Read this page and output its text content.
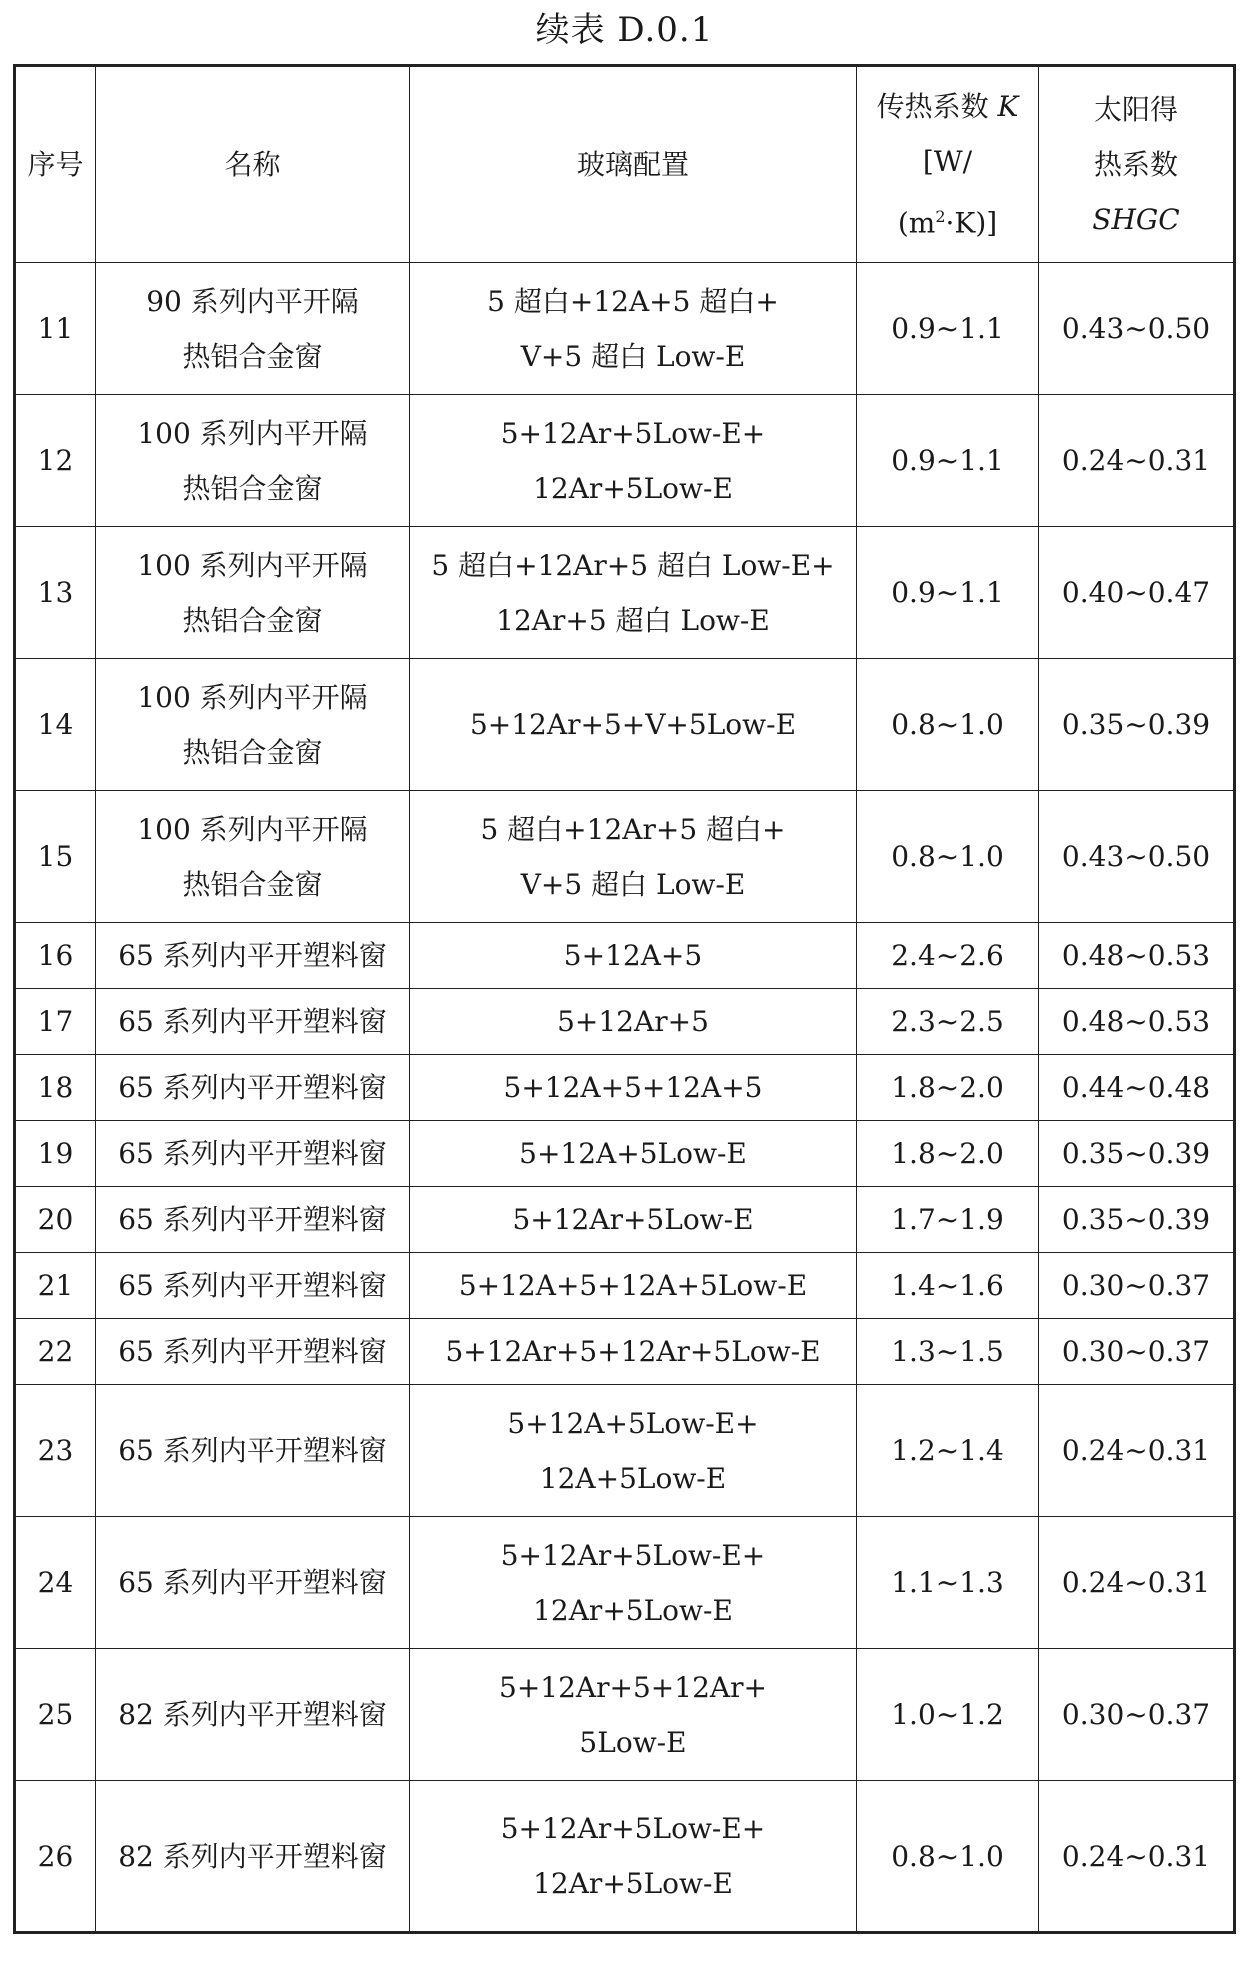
续表 D.0.1
序号	名称	玻璃配置	传热系数 K
[W/
$(m^2\cdot K)$]	太阳得
热系数
SHGC

11	90 系列内平开隔
热铝合金窗	5 超白+12A+5 超白+
V+5 超白 Low-E	0.9~1.1	0.43~0.50
12	100 系列内平开隔
热铝合金窗	5+12Ar+5Low-E+
12Ar+5Low-E	0.9~1.1	0.24~0.31
13	100 系列内平开隔
热铝合金窗	5 超白+12Ar+5 超白 Low-E+
12Ar+5 超白 Low-E	0.9~1.1	0.40~0.47
14	100 系列内平开隔
热铝合金窗	5+12Ar+5+V+5Low-E	0.8~1.0	0.35~0.39
15	100 系列内平开隔
热铝合金窗	5 超白+12Ar+5 超白+
V+5 超白 Low-E	0.8~1.0	0.43~0.50
16	65 系列内平开塑料窗	5+12A+5	2.4~2.6	0.48~0.53
17	65 系列内平开塑料窗	5+12Ar+5	2.3~2.5	0.48~0.53
18	65 系列内平开塑料窗	5+12A+5+12A+5	1.8~2.0	0.44~0.48
19	65 系列内平开塑料窗	5+12A+5Low-E	1.8~2.0	0.35~0.39
20	65 系列内平开塑料窗	5+12Ar+5Low-E	1.7~1.9	0.35~0.39
21	65 系列内平开塑料窗	5+12A+5+12A+5Low-E	1.4~1.6	0.30~0.37
22	65 系列内平开塑料窗	5+12Ar+5+12Ar+5Low-E	1.3~1.5	0.30~0.37
23	65 系列内平开塑料窗	5+12A+5Low-E+
12A+5Low-E	1.2~1.4	0.24~0.31
24	65 系列内平开塑料窗	5+12Ar+5Low-E+
12Ar+5Low-E	1.1~1.3	0.24~0.31
25	82 系列内平开塑料窗	5+12Ar+5+12Ar+
5Low-E	1.0~1.2	0.30~0.37
26	82 系列内平开塑料窗	5+12Ar+5Low-E+
12Ar+5Low-E	0.8~1.0	0.24~0.31
